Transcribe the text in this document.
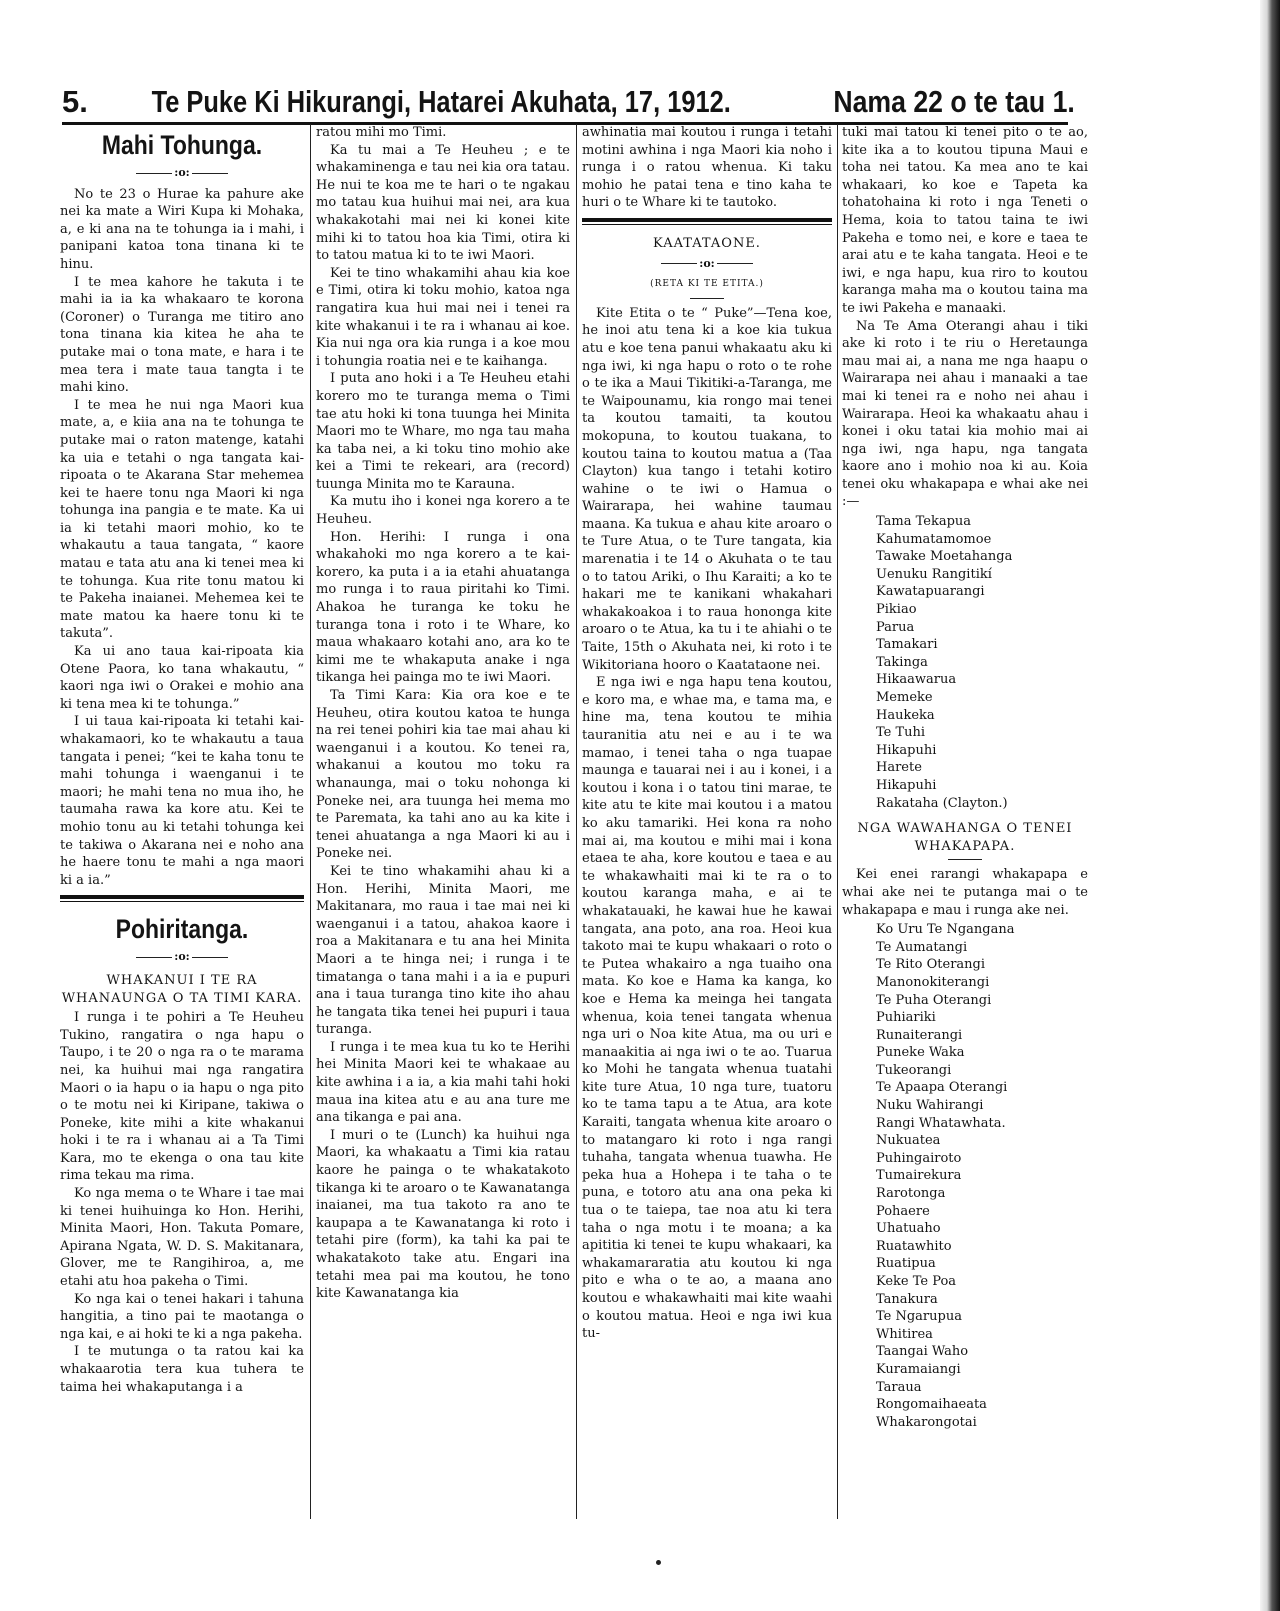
5. Te Puke Ki Hikurangi, Hatarei Akuhata, 17, 1912.	Nama 22 o te tau 1.
Mahi Tohunga.
:o:

No te 23 o Hurae ka pahure ake nei ka mate a Wiri Kupa ki Mohaka, a, e ki ana na te tohunga ia i mahi, i panipani katoa tona tinana ki te hinu.

I te mea kahore he takuta i te mahi ia ia ka whakaaro te korona (Coroner) o Turanga me titiro ano tona tinana kia kitea he aha te putake mai o tona mate, e hara i te mea tera i mate taua tangta i te mahi kino.

I te mea he nui nga Maori kua mate, a, e kiia ana na te tohunga te putake mai o raton matenge, katahi ka uia e tetahi o nga tangata kai-ripoata o te Akarana Star mehemea kei te haere tonu nga Maori ki nga tohunga ina pangia e te mate. Ka ui ia ki tetahi maori mohio, ko te whakautu a taua tangata, “ kaore matau e tata atu ana ki tenei mea ki te tohunga. Kua rite tonu matou ki te Pakeha inaianei. Mehemea kei te mate matou ka haere tonu ki te takuta”.

Ka ui ano taua kai-ripoata kia Otene Paora, ko tana whakautu, “ kaori nga iwi o Orakei e mohio ana ki tena mea ki te tohunga.”

I ui taua kai-ripoata ki tetahi kai-whakamaori, ko te whakautu a taua tangata i penei; “kei te kaha tonu te mahi tohunga i waenganui i te maori; he mahi tena no mua iho, he taumaha rawa ka kore atu. Kei te mohio tonu au ki tetahi tohunga kei te takiwa o Akarana nei e noho ana he haere tonu te mahi a nga maori ki a ia.”

Pohiritanga.
:o:
WHAKANUI I TE RA WHANAUNGA O TA TIMI KARA.

I runga i te pohiri a Te Heuheu Tukino, rangatira o nga hapu o Taupo, i te 20 o nga ra o te marama nei, ka huihui mai nga rangatira Maori o ia hapu o ia hapu o nga pito o te motu nei ki Kiripane, takiwa o Poneke, kite mihi a kite whakanui hoki i te ra i whanau ai a Ta Timi Kara, mo te ekenga o ona tau kite rima tekau ma rima.

Ko nga mema o te Whare i tae mai ki tenei huihuinga ko Hon. Herihi, Minita Maori, Hon. Takuta Pomare, Apirana Ngata, W. D. S. Makitanara, Glover, me te Rangihiroa, a, me etahi atu hoa pakeha o Timi.

Ko nga kai o tenei hakari i tahuna hangitia, a tino pai te maotanga o nga kai, e ai hoki te ki a nga pakeha.

I te mutunga o ta ratou kai ka whakaarotia tera kua tuhera te taima hei whakaputanga i a

ratou mihi mo Timi.

Ka tu mai a Te Heuheu ; e te whakaminenga e tau nei kia ora tatau. He nui te koa me te hari o te ngakau mo tatau kua huihui mai nei, ara kua whakakotahi mai nei ki konei kite mihi ki to tatou hoa kia Timi, otira ki to tatou matua ki to te iwi Maori.

Kei te tino whakamihi ahau kia koe e Timi, otira ki toku mohio, katoa nga rangatira kua hui mai nei i tenei ra kite whakanui i te ra i whanau ai koe. Kia nui nga ora kia runga i a koe mou i tohungia roatia nei e te kaihanga.

I puta ano hoki i a Te Heuheu etahi korero mo te turanga mema o Timi tae atu hoki ki tona tuunga hei Minita Maori mo te Whare, mo nga tau maha ka taba nei, a ki toku tino mohio ake kei a Timi te rekeari, ara (record) tuunga Minita mo te Karauna.

Ka mutu iho i konei nga korero a te Heuheu.

Hon. Herihi: I runga i ona whakahoki mo nga korero a te kai-korero, ka puta i a ia etahi ahuatanga mo runga i to raua piritahi ko Timi. Ahakoa he turanga ke toku he turanga tona i roto i te Whare, ko maua whakaaro kotahi ano, ara ko te kimi me te whakaputa anake i nga tikanga hei painga mo te iwi Maori.

Ta Timi Kara: Kia ora koe e te Heuheu, otira koutou katoa te hunga na rei tenei pohiri kia tae mai ahau ki waenganui i a koutou. Ko tenei ra, whakanui a koutou mo toku ra whanaunga, mai o toku nohonga ki Poneke nei, ara tuunga hei mema mo te Paremata, ka tahi ano au ka kite i tenei ahuatanga a nga Maori ki au i Poneke nei.

Kei te tino whakamihi ahau ki a Hon. Herihi, Minita Maori, me Makitanara, mo raua i tae mai nei ki waenganui i a tatou, ahakoa kaore i roa a Makitanara e tu ana hei Minita Maori a te hinga nei; i runga i te timatanga o tana mahi i a ia e pupuri ana i taua turanga tino kite iho ahau he tangata tika tenei hei pupuri i taua turanga.

I runga i te mea kua tu ko te Herihi hei Minita Maori kei te whakaae au kite awhina i a ia, a kia mahi tahi hoki maua ina kitea atu e au ana ture me ana tikanga e pai ana.

I muri o te (Lunch) ka huihui nga Maori, ka whakaatu a Timi kia ratau kaore he painga o te whakatakoto tikanga ki te aroaro o te Kawanatanga inaianei, ma tua takoto ra ano te kaupapa a te Kawanatanga ki roto i tetahi pire (form), ka tahi ka pai te whakatakoto take atu. Engari ina tetahi mea pai ma koutou, he tono kite Kawanatanga kia

awhinatia mai koutou i runga i tetahi motini awhina i nga Maori kia noho i runga i o ratou whenua. Ki taku mohio he patai tena e tino kaha te huri o te Whare ki te tautoko.

KAATATAONE.
:o:
(RETA KI TE ETITA.)

Kite Etita o te “ Puke”—Tena koe, he inoi atu tena ki a koe kia tukua atu e koe tena panui whakaatu aku ki nga iwi, ki nga hapu o roto o te rohe o te ika a Maui Tikitiki-a-Taranga, me te Waipounamu, kia rongo mai tenei ta koutou tamaiti, ta koutou mokopuna, to koutou tuakana, to koutou taina to koutou matua a (Taa Clayton) kua tango i tetahi kotiro wahine o te iwi o Hamua o Wairarapa, hei wahine taumau maana. Ka tukua e ahau kite aroaro o te Ture Atua, o te Ture tangata, kia marenatia i te 14 o Akuhata o te tau o to tatou Ariki, o Ihu Karaiti; a ko te hakari me te kanikani whakahari whakakoakoa i to raua hononga kite aroaro o te Atua, ka tu i te ahiahi o te Taite, 15th o Akuhata nei, ki roto i te Wikitoriana hooro o Kaatataone nei.

E nga iwi e nga hapu tena koutou, e koro ma, e whae ma, e tama ma, e hine ma, tena koutou te mihia tauranitia atu nei e au i te wa mamao, i tenei taha o nga tuapae maunga e tauarai nei i au i konei, i a koutou i kona i o tatou tini marae, te kite atu te kite mai koutou i a matou ko aku tamariki. Hei kona ra noho mai ai, ma koutou e mihi mai i kona etaea te aha, kore koutou e taea e au te whakawhaiti mai ki te ra o to koutou karanga maha, e ai te whakatauaki, he kawai hue he kawai tangata, ana poto, ana roa. Heoi kua takoto mai te kupu whakaari o roto o te Putea whakairo a nga tuaiho ona mata. Ko koe e Hama ka kanga, ko koe e Hema ka meinga hei tangata whenua, koia tenei tangata whenua nga uri o Noa kite Atua, ma ou uri e manaakitia ai nga iwi o te ao. Tuarua ko Mohi he tangata whenua tuatahi kite ture Atua, 10 nga ture, tuatoru ko te tama tapu a te Atua, ara kote Karaiti, tangata whenua kite aroaro o to matangaro ki roto i nga rangi tuhaha, tangata whenua tuawha. He peka hua a Hohepa i te taha o te puna, e totoro atu ana ona peka ki tua o te taiepa, tae noa atu ki tera taha o nga motu i te moana; a ka apititia ki tenei te kupu whakaari, ka whakamararatia atu koutou ki nga pito e wha o te ao, a maana ano koutou e whakawhaiti mai kite waahi o koutou matua. Heoi e nga iwi kua tu-

tuki mai tatou ki tenei pito o te ao, kite ika a to koutou tipuna Maui e toha nei tatou. Ka mea ano te kai whakaari, ko koe e Tapeta ka tohatohaina ki roto i nga Teneti o Hema, koia to tatou taina te iwi Pakeha e tomo nei, e kore e taea te arai atu e te kaha tangata. Heoi e te iwi, e nga hapu, kua riro to koutou karanga maha ma o koutou taina ma te iwi Pakeha e manaaki.

Na Te Ama Oterangi ahau i tiki ake ki roto i te riu o Heretaunga mau mai ai, a nana me nga haapu o Wairarapa nei ahau i manaaki a tae mai ki tenei ra e noho nei ahau i Wairarapa. Heoi ka whakaatu ahau i konei i oku tatai kia mohio mai ai nga iwi, nga hapu, nga tangata kaore ano i mohio noa ki au. Koia tenei oku whakapapa e whai ake nei :—

Tama Tekapua
Kahumatamomoe
Tawake Moetahanga
Uenuku Rangitikí
Kawatapuarangi
Pikiao
Parua
Tamakari
Takinga
Hikaawarua
Memeke
Haukeka
Te Tuhi
Hikapuhi
Harete
Hikapuhi
Rakataha (Clayton.)
NGA WAWAHANGA O TENEI WHAKAPAPA.

Kei enei rarangi whakapapa e whai ake nei te putanga mai o te whakapapa e mau i runga ake nei.

Ko Uru Te Ngangana
Te Aumatangi
Te Rito Oterangi
Manonokiterangi
Te Puha Oterangi
Puhiariki
Runaiterangi
Puneke Waka
Tukeorangi
Te Apaapa Oterangi
Nuku Wahirangi
Rangi Whatawhata.
Nukuatea
Puhingairoto
Tumairekura
Rarotonga
Pohaere
Uhatuaho
Ruatawhito
Ruatipua
Keke Te Poa
Tanakura
Te Ngarupua
Whitirea
Taangai Waho
Kuramaiangi
Taraua
Rongomaihaeata
Whakarongotai
